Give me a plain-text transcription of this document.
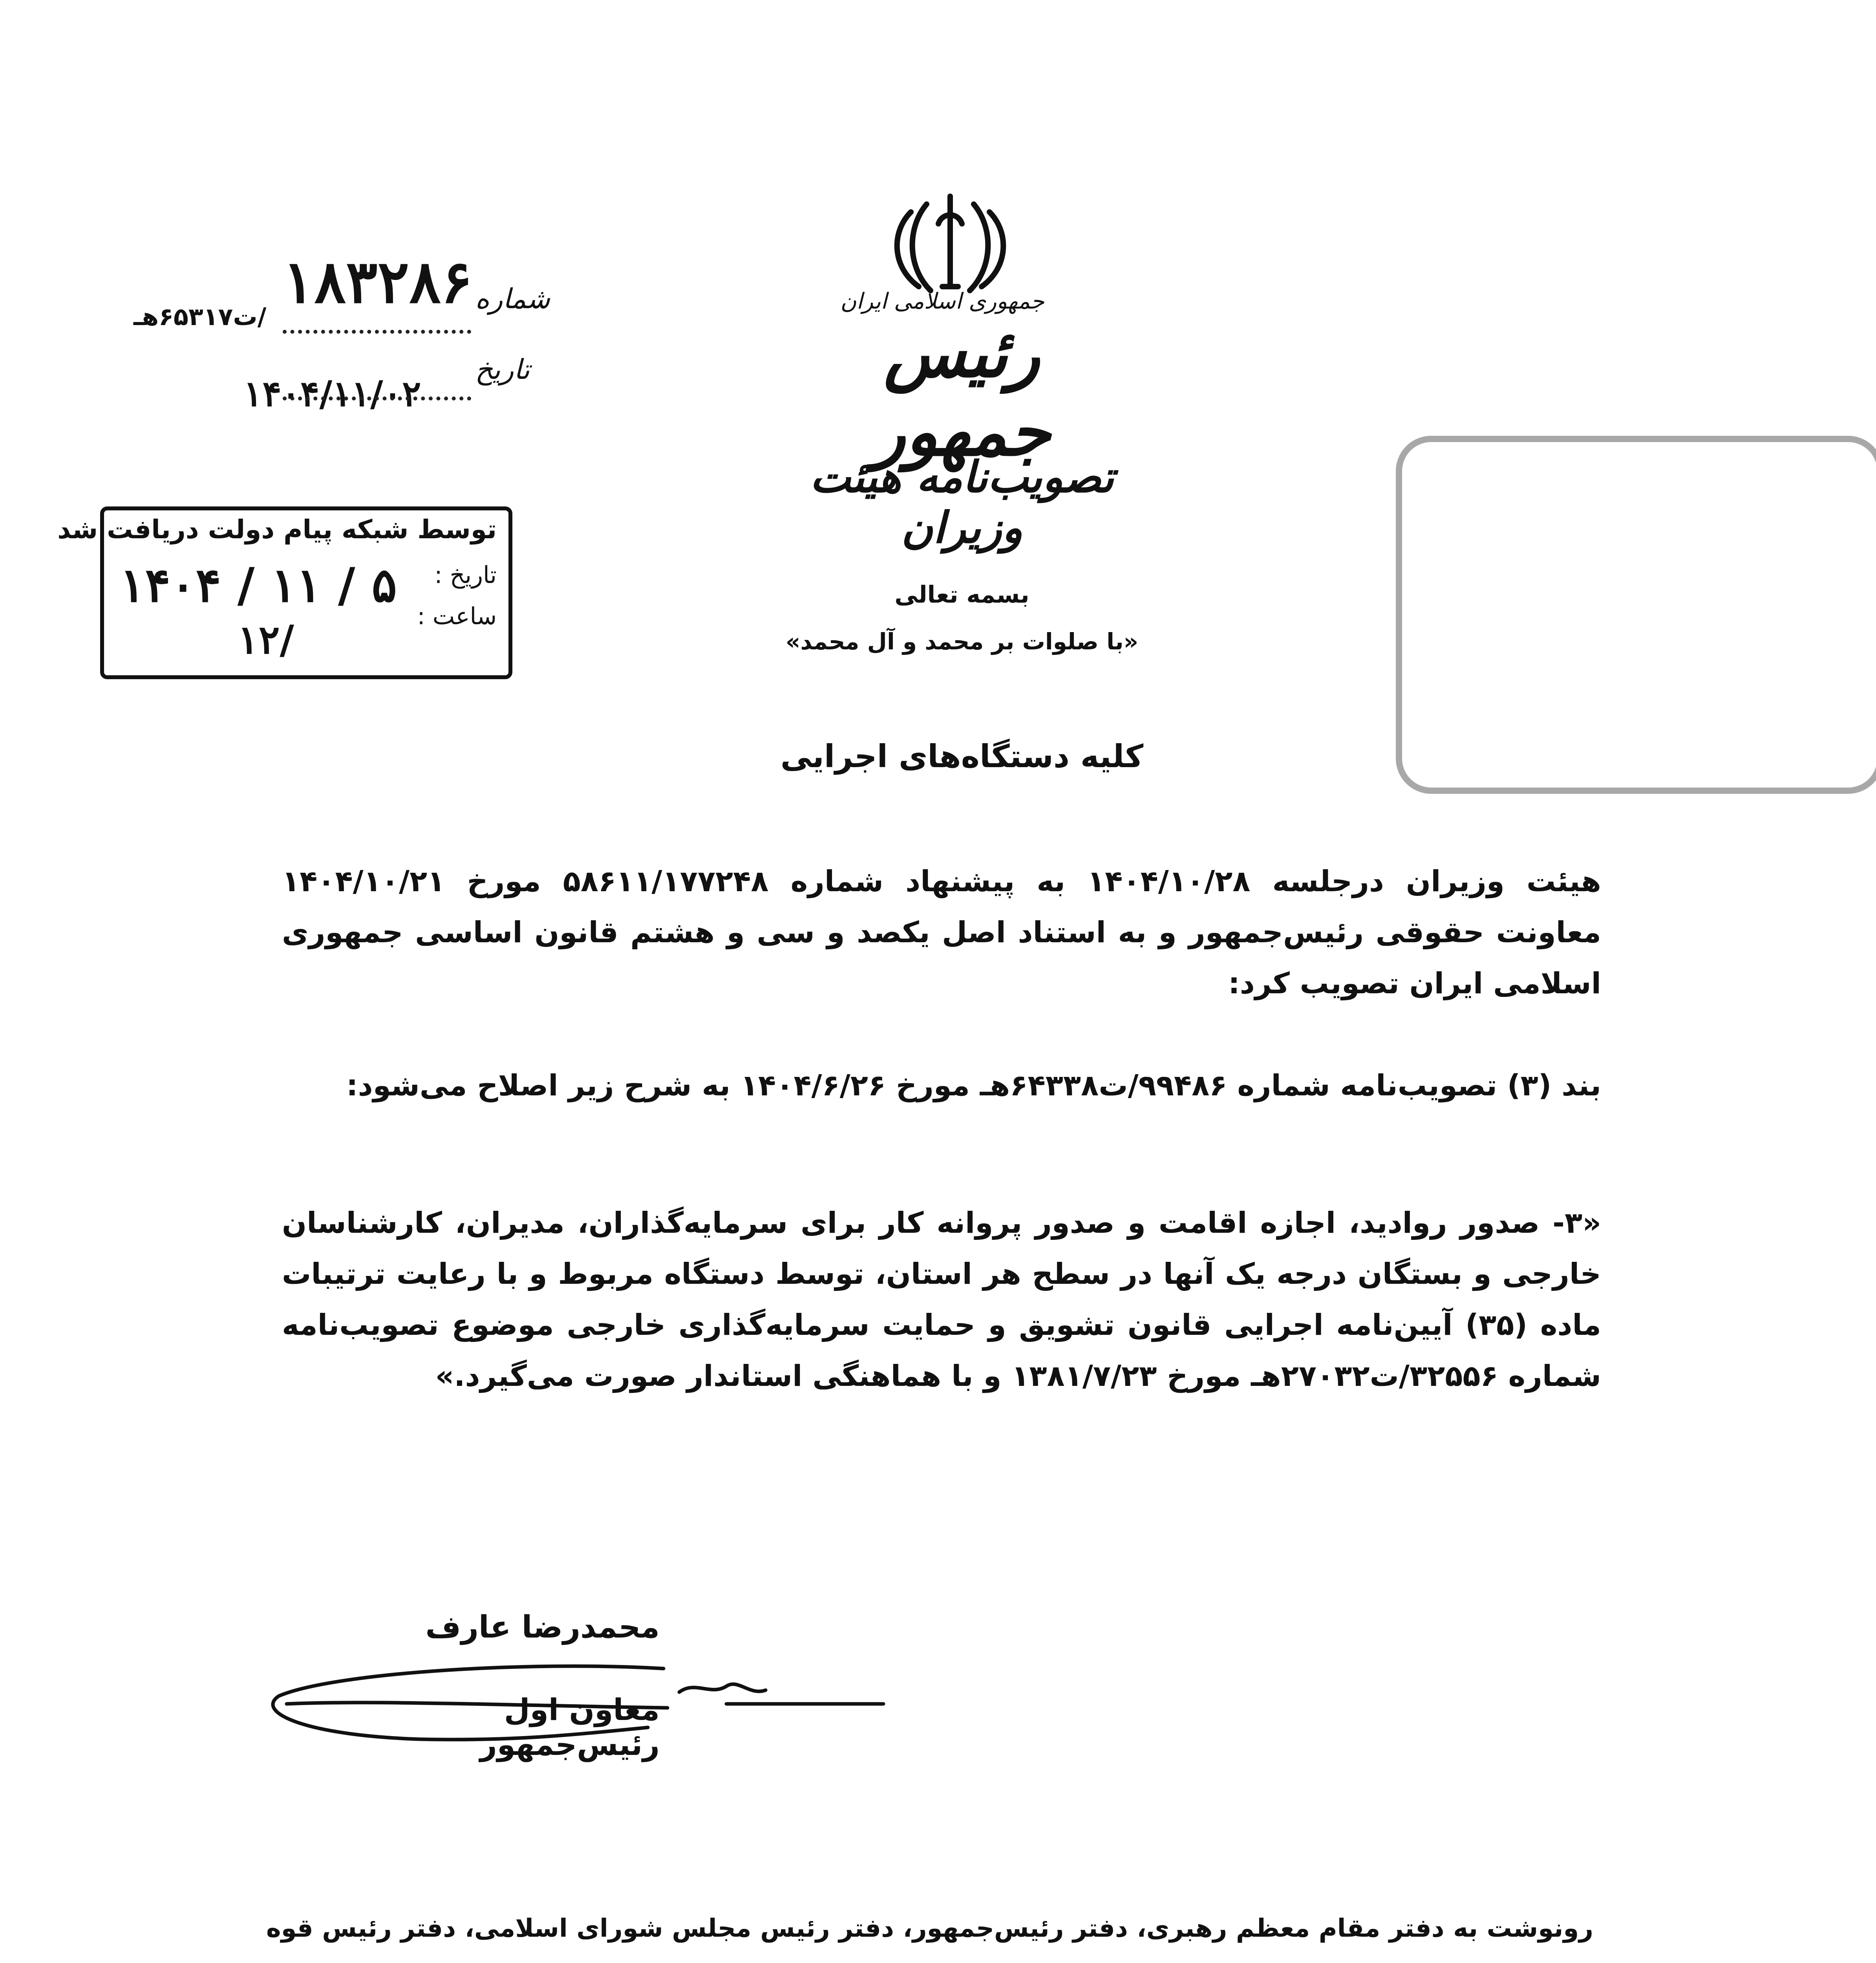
جمهوری اسلامی ایران
رئیس جمهور
تصویب‌نامه هیئت وزیران
بسمه تعالی
«با صلوات بر محمد و آل محمد»
کلیه دستگاه‌های اجرایی
شماره
۱۸۳۲۸۶
/ت۶۵۳۱۷هـ
تاریخ
۱۴۰۴/۱۱/۰۲
توسط شبکه پیام دولت دریافت شد
تاریخ :
ساعت :
۱۴۰۴ / ۱۱ / ۵
۱۲/
هیئت وزیران درجلسه ۱۴۰۴/۱۰/۲۸ به پیشنهاد شماره ۵۸۶۱۱/۱۷۷۲۴۸ مورخ ۱۴۰۴/۱۰/۲۱ معاونت حقوقی رئیس‌جمهور و به استناد اصل یکصد و سی و هشتم قانون اساسی جمهوری اسلامی ایران تصویب کرد:
بند (۳) تصویب‌نامه شماره ۹۹۴۸۶/ت۶۴۳۳۸هـ مورخ ۱۴۰۴/۶/۲۶ به شرح زیر اصلاح می‌شود:
«۳- صدور روادید، اجازه اقامت و صدور پروانه کار برای سرمایه‌گذاران، مدیران، کارشناسان خارجی و بستگان درجه یک آنها در سطح هر استان، توسط دستگاه مربوط و با رعایت ترتیبات ماده (۳۵) آیین‌نامه اجرایی قانون تشویق و حمایت سرمایه‌گذاری خارجی موضوع تصویب‌نامه شماره ۳۲۵۵۶/ت۲۷۰۳۲هـ مورخ ۱۳۸۱/۷/۲۳ و با هماهنگی استاندار صورت می‌گیرد.»
محمدرضا عارف
معاون اول رئیس‌جمهور
رونوشت به دفتر مقام معظم رهبری، دفتر رئیس‌جمهور، دفتر رئیس مجلس شورای اسلامی، دفتر رئیس قوه
